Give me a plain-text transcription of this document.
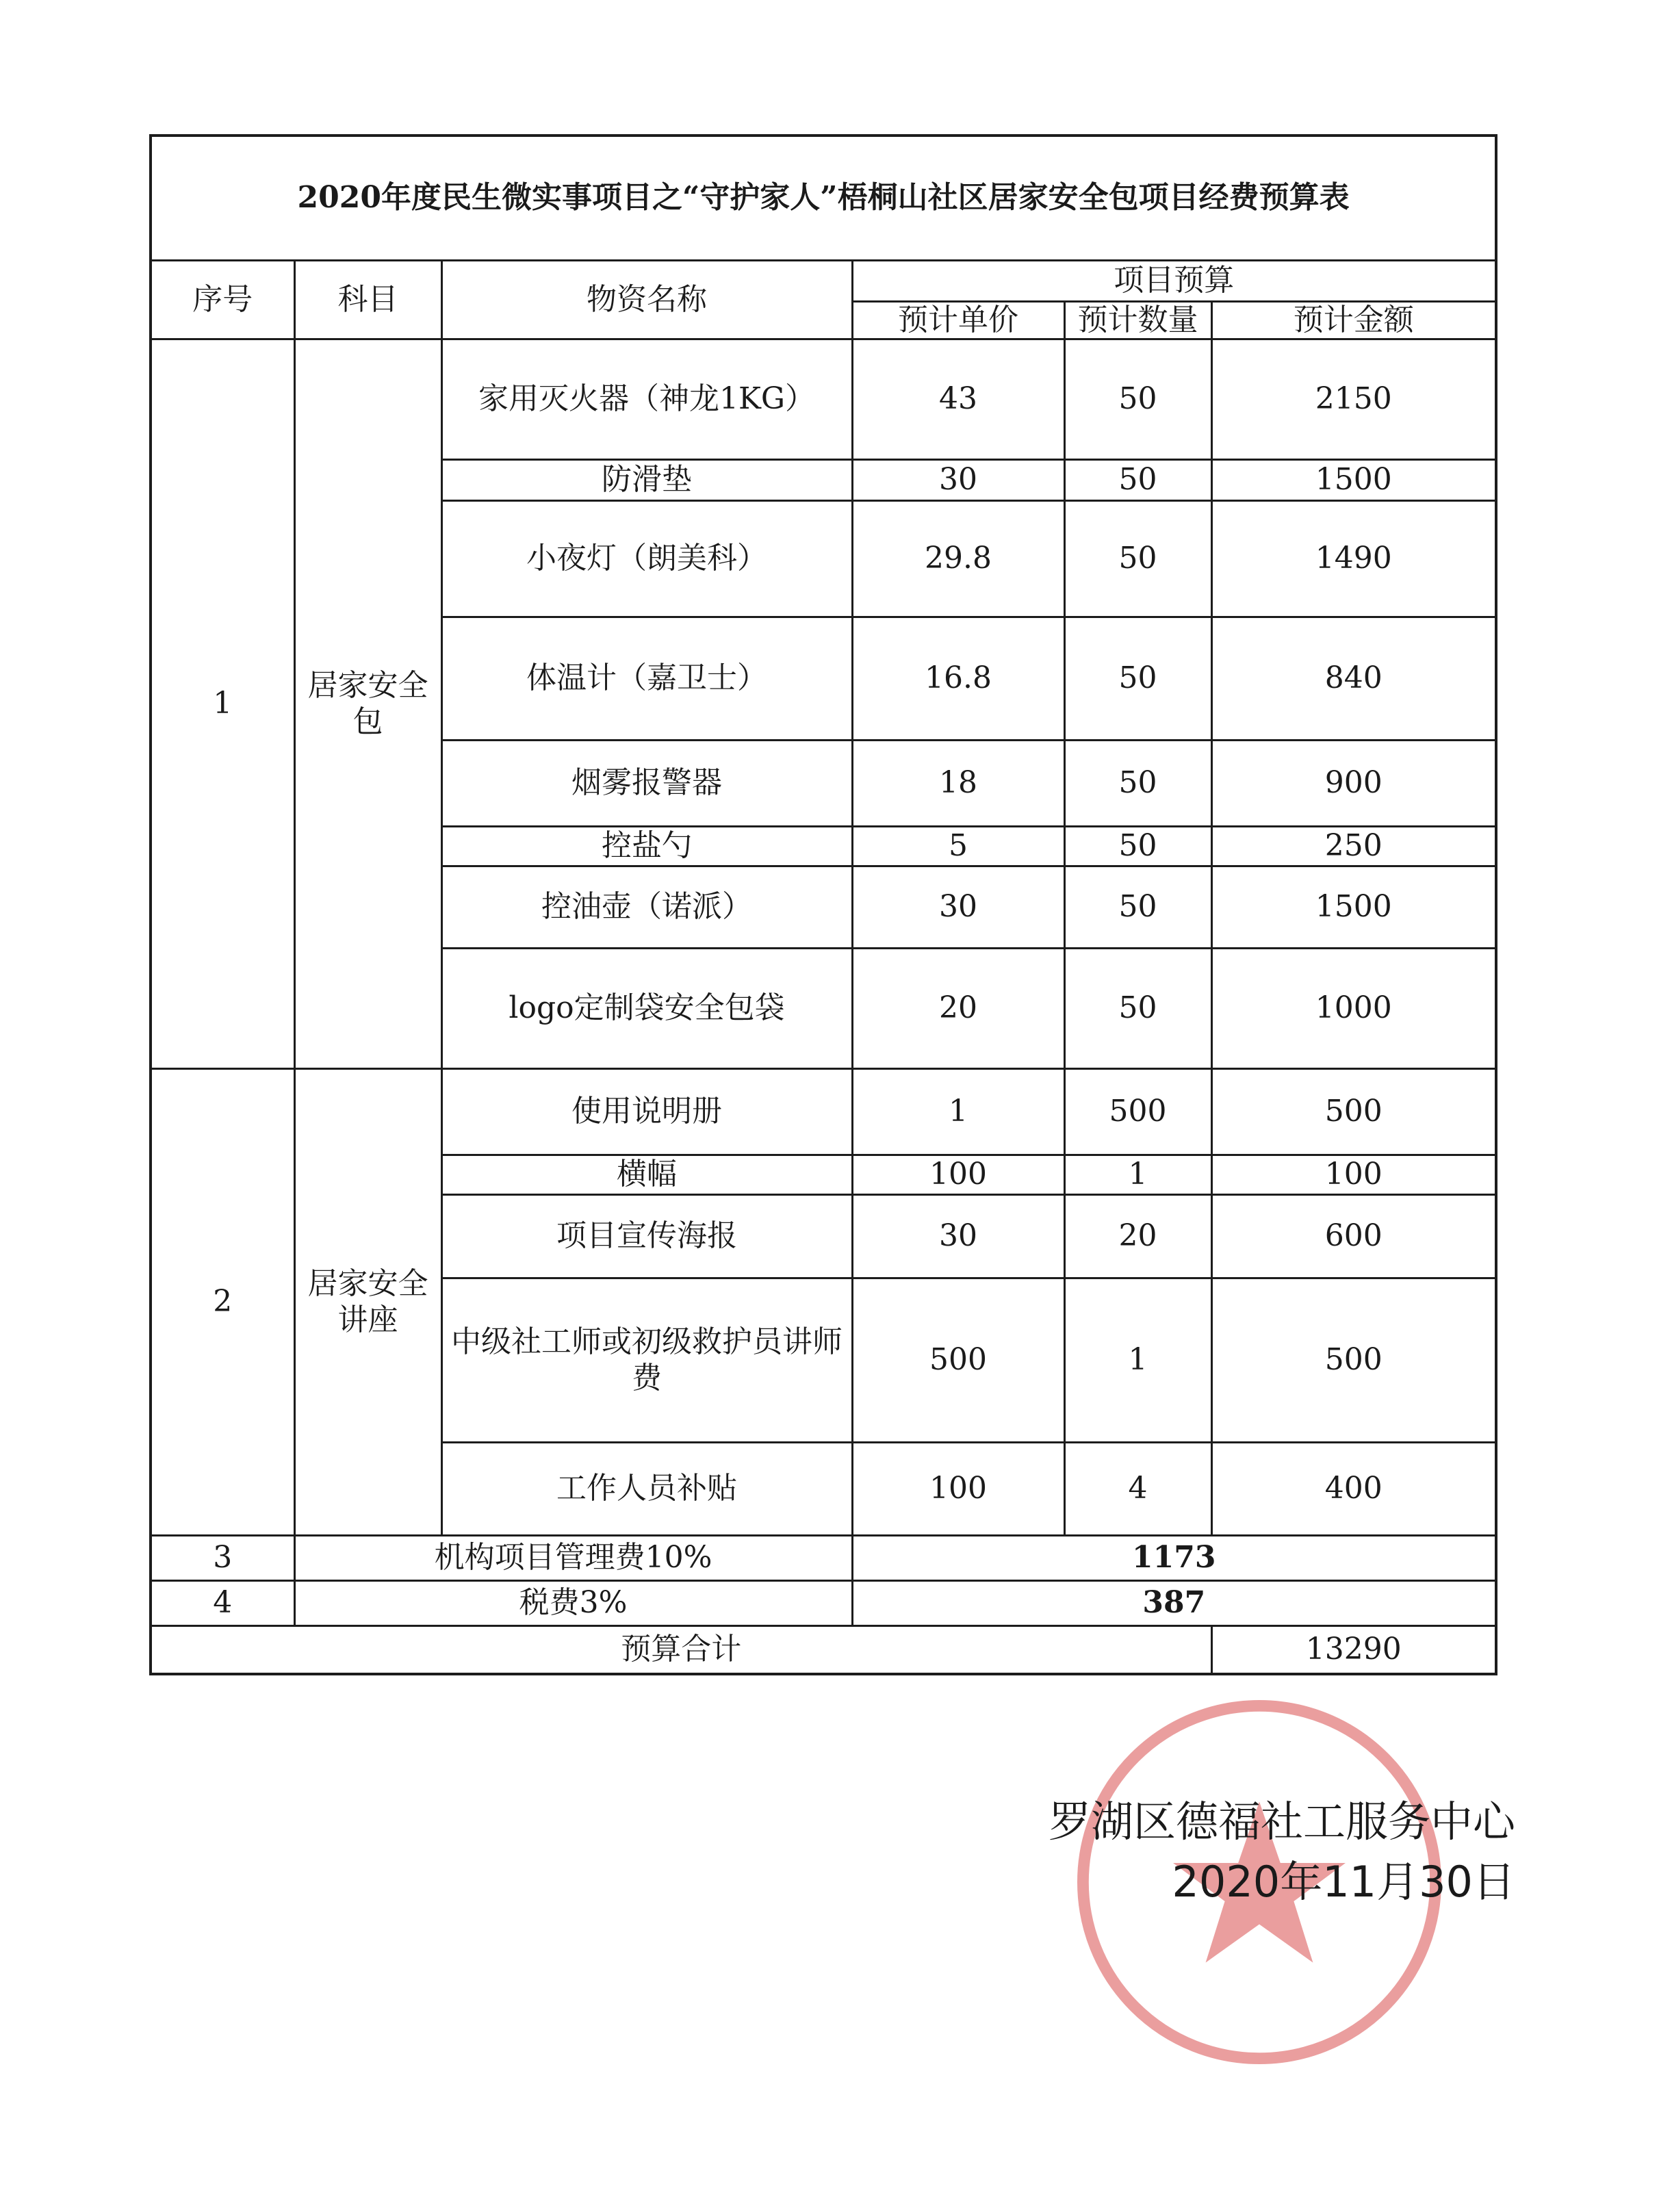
2020年度民生微实事项目之“守护家人”梧桐山社区居家安全包项目经费预算表					
序号	科目	物资名称	项目预算		
			预计单价	预计数量	预计金额
1	居家安全包	家用灭火器（神龙1KG）	43	50	2150
		防滑垫	30	50	1500
		小夜灯（朗美科）	29.8	50	1490
		体温计（嘉卫士）	16.8	50	840
		烟雾报警器	18	50	900
		控盐勺	5	50	250
		控油壶（诺派）	30	50	1500
		logo定制袋安全包袋	20	50	1000
2	居家安全讲座	使用说明册	1	500	500
		横幅	100	1	100
		项目宣传海报	30	20	600
		中级社工师或初级救护员讲师费	500	1	500
		工作人员补贴	100	4	400
3	机构项目管理费10%		1173		
4	税费3%		387		
预算合计					13290
罗湖区德福社工服务中心
2020年11月30日
